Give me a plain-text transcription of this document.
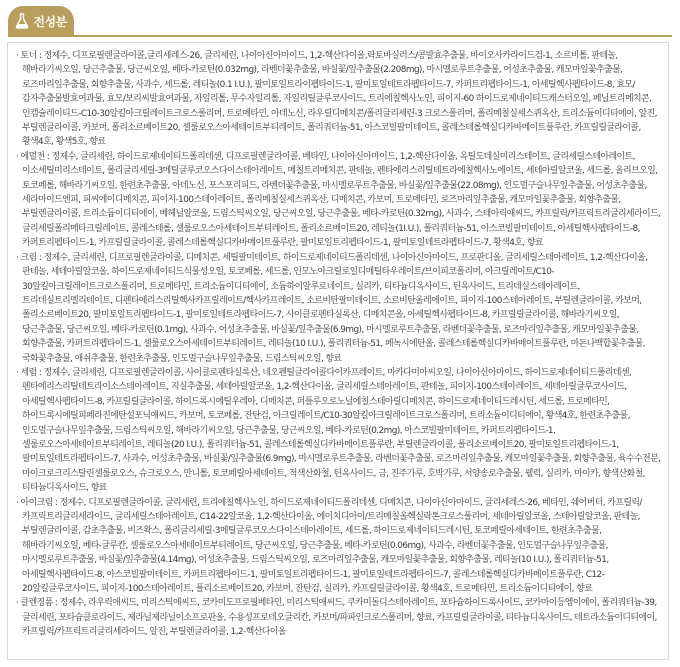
전성분

· 토너 : 정제수, 디프로필렌글라이콜,글리세레스-26, 글리세린, 나이아신아마이드, 1,2-헥산다이올,락토바실러스/콩발효추출물, 바이오사카라이드검-1, 소르비톨, 판테놀, 해바라기씨오일, 당근추출물, 당근씨오일, 베타-카로틴(0.032mg), 라벤더꽃추출물, 바실꽃/잎추출물(2.208mg), 마시멜로루트추출물, 어성초추출물, 캐모마일꽃추출물, 로즈마리잎추출물, 회향추출물, 사과수, 세드롤, 레티놀(0.1 I.U.), 팔미토일트라이펩타이드-1, 팔미토일테트라펩타이드-7, 카퍼트리펩타이드-1, 아세틸헥사펩타이드-8, 효모/감자추출물발효여과물, 효모/보리씨발효여과물, 자일리톨, 무수자일리톨, 자일리틸글루코사이드, 트리에칠헥사노인, 피이지-60 하이드로제네이티드캐스터오일, 페닐트리메치콘, 인캡슐레이티드-C10-30알킬아크릴레이트크로스폴리머, 트로메타민, 아데노신, 라우릴디메치콘/폴리글리세린-3 크로스폴리머, 폴리메칠실세스퀴옥산, 트리소듐이디티에이, 알진, 부틸렌글라이콜, 카보머, 폴리소르베이트20, 셀룰로오스아세테이트부티레이트, 폴리쿼터늄-51, 아스코빌팔미테이트, 콜레스테롤헥실디카바메이트풀루란, 카프릴릴글라이콜, 황색4호, 황색5호, 향료

· 에멀전 : 정제수, 글리세린, 하이드로제네이티드폴리데센, 디프로필렌글라이콜, 베타인, 나이아신아마이드, 1,2-헥산다이올, 옥틸도데실미리스테이트, 글리세릴스테아레이트, 이소세틸미리스테이트, 폴리글리세릴-3메틸글루코오스다이스테아레이트, 메칠트리메치콘, 판테놀, 펜타에리스리틸테트라에칠헥사노에이트, 세테아릴알코올, 세드롤, 올리브오일, 토코페롤, 해바라기씨오일, 한련초추출물, 아데노신, 포스포리피드, 라벤더꽃추출물, 마시멜로루트추출물, 바실꽃/잎추출물(22.08mg), 인도멀구슬나무잎추출물, 어성초추출물, 세라마이드엔피, 피씨에이디메치콘, 피이지-100스테아레이트, 폴리메칠실세스퀴옥산, 디메치콘, 카보머, 트로메타민, 로즈마리잎추출물, 캐모마일꽃추출물, 회향추출물, 부틸렌글라이콜, 트리소듐이디티에이, 베헤닐알코올, 드림스틱씨오일, 당근씨오일, 당근추출물, 베타-카로틴(0.32mg), 사과수, 스테아릭애씨드, 카프릴릭/카프릭트리글리세라이드, 글리세릴폴리메타크릴레이트, 콜레스테롤, 셀룰로오스아세테이트부티레이트, 폴리소르베이트20, 레티놀(1I.U.), 폴리쿼터늄-51, 아스코빌팔미테이트, 아세틸헥사펩타이드-8, 카퍼트리펩타이드-1, 카프릴릴글라이콜, 콜레스테롤헥실디카바메이트풀루란, 팔미토일트리펩타이드-1, 팔미토일테트라펩타이드-7, 황색4호, 향료

· 크림 : 정제수, 글리세린, 디프로필렌글라이콜, 디메치콘, 세틸팔미테이트, 하이드로제네이티드폴리데센, 나이아신아마이드, 프로판디올, 글리세릴스테아레이트, 1,2-헥산다이올, 판테놀, 세테아릴알코올, 하이드로제네이티드식물성오일, 토코페롤, 세드롤, 인모노아크릴로일디메틸타우레이트/브이피코폴리머, 아크릴레이트/C10-30알킬아크릴레이트크로스폴리머, 트로메타민, 트리소듐이디티에이, 소듐하이알루로네이트, 실리카, 티타늄디옥사이드, 틴옥사이드, 트리데실스테아레이트, 트리데실트리멜리테이트, 디펜타에리스리틸헥사카프릴레이트/헥사카프레이트, 소르비탄팔미테이트, 소르비탄올레에이트, 피이지-100스테아레이트, 부틸렌글라이콜, 카보머, 폴리소르베이트20, 팔미토일트리펩타이드-1, 팔미토일테트라펩타이드-7, 사이클로펜타실록산, 디메치콘올, 아세틸헥사펩타이드-8, 카프릴릴글라이콜, 해바라기씨오일, 당근추출물, 당근씨오일, 베타-카로틴(0.1mg), 사과수, 어성초추출물, 바실꽃/잎추출물(6.9mg), 마시멜로루트추출물, 라벤더꽃추출물, 로즈마리잎추출물, 캐모마일꽃추출물, 회향추출물, 카퍼트리펩타이드-1, 셀룰로오스아세테이트부티레이트, 레티놀(10 I.U.), 폴리쿼터늄-51, 페녹시에탄올, 콜레스테롤헥실디카바메이트풀루란, 마돈나백합꽃추출물, 국화꽃추출물, 애쉬추출물, 한련초추출물, 인도멀구슬나무잎추출물, 드림스틱씨오일, 향료

· 세럼 : 정제수, 글리세린, 디프로필렌글라이콜, 사이클로펜타실록산, 네오펜틸글라이콜다이카프레이트, 마카다미아씨오일, 나이아신아마이드, 하이드로제네이티드폴리데센, 펜타에리스리틸테트라이소스테아레이트, 지실추출물, 세테아릴알코올, 1,2-헥산다이올, 글리세릴스테아레이트, 판테놀, 피이지-100스테아레이트, 세테아릴글루코사이드, 아세틸헥사펩타이드-8, 카프릴릴글라이콜, 하이드록시에틸우레아, 디메치콘, 퍼플루오로노닐에칠스테아릴디메치콘, 하이드로제네이티드레시틴, 세드롤, 트로메타민, 하이드록시에틸피페라진에탄설포닉애씨드, 카보머, 토코페롤, 잔탄검, 아크릴레이트/C10-30알킬아크릴레이트크로스폴리머, 트리소듐이디티에이, 황색4호, 한련초추출물, 인도멀구슬나무잎추출물, 드림스틱씨오일, 해바라기씨오일, 당근추출물, 당근씨오일, 베타-카로틴(0.2mg), 아스코빌팔미테이트, 카퍼트리펩타이드-1, 셀룰로오스아세테이트부티레이트, 레티놀(20 I.U.), 폴리쿼터늄-51, 콜레스테롤헥실디카바메이트풀루란, 부틸렌글라이콜, 폴리소르베이트20, 팔미토일트리펩타이드-1, 팔미토일테트라펩타이드-7, 사과수, 어성초추출물, 바실꽃/잎추출물(6.9mg), 마시멜로루트추출물, 라벤더꽃추출물, 로즈마리잎추출물, 캐모마일꽃추출물, 회향추출물, 육수수전분, 마이크로크리스탈린셀룰로오스, 슈크로오스, 만니톨, 토코페릴아세테이트, 적색산화철, 틴옥사이드, 금, 진주가루, 호박가루, 서양송로추출물, 웰럭, 실리카, 마이카, 향색산화철, 티타늄디옥사이드, 향료

· 아이크림 : 정제수, 디프로필렌글라이콜, 글리세린, 트리에칠헥사노인, 하이드로제네이티드폴리데센, 디메치콘, 나이아신아마이드, 글리세레스-26, 베타인, 쉐어버터, 카프릴릭/카프릭트리글리세라이드, 글리세릴스테아레이트, C14-22알코올, 1,2-헥산다이올, 에이치디아이/트리메칠올헥실락톤크로스폴리머, 세테아릴알코올, 스테아릴알코올, 판테놀, 부틸렌글라이콜, 감초추출물, 비즈왁스, 폴리글리세릴-3메틸글루코오스다이스테아레이트, 세드롤, 하이드로제네이티드레시틴, 토코페릴아세테이트, 한련초추출물, 해바라기씨오일, 베타-글루칸, 셀룰로오스아세테이트부티레이트, 당근씨오일, 당근추출물, 베타-카로틴(0.06mg), 사과수, 라벤더꽃추출물, 인도멀구슬나무잎추출물, 마시멜로루트추출물, 바실꽃/잎추출물(4.14mg), 어성초추출물, 드림스틱씨오일, 로즈마리잎추출물, 캐모마일꽃추출물, 회향추출물, 레티놀(10 I.U.), 폴리쿼터늄-51, 아세틸헥사펩타이드-8, 아스코빌팔미테이트, 카퍼트리펩타이드-1, 팔미토일트리펩타이드-1, 팔미토일테트라펩타이드-7, 콜레스테롤헥실디카바메이트풀루란, C12-20알킬글루코사이드, 피이지-100스테아레이트, 폴리소르베이트20, 카보머, 잔탄검, 실리카, 카프릴릴글라이콜, 황색4호, 트로메타민, 트리소듐이디티에이, 향료

· 클렌징폼 : 정제수, 라우릭애씨드, 미리스틱애씨드, 코카미도프로필베타인, 미리스틱애씨드, 쿠카미돌디스테아레이트, 포타슘하이드록사이드, 코카마이등엠이에이, 폴리쿼터늄-39, 글리세린, 포타슘클로라이드, 제라닐제라닐이소프로판올, 수용성프로테오글리칸, 카보머/파파인크로스폴리머, 향료, 카프릴릴글라이콜, 티타늄디옥사이드, 테트라소듐이디티에이, 카프릴릭/카프릭트리글리세라이드, 알진, 부틸렌글라이콜, 1,2-헥산다이올
